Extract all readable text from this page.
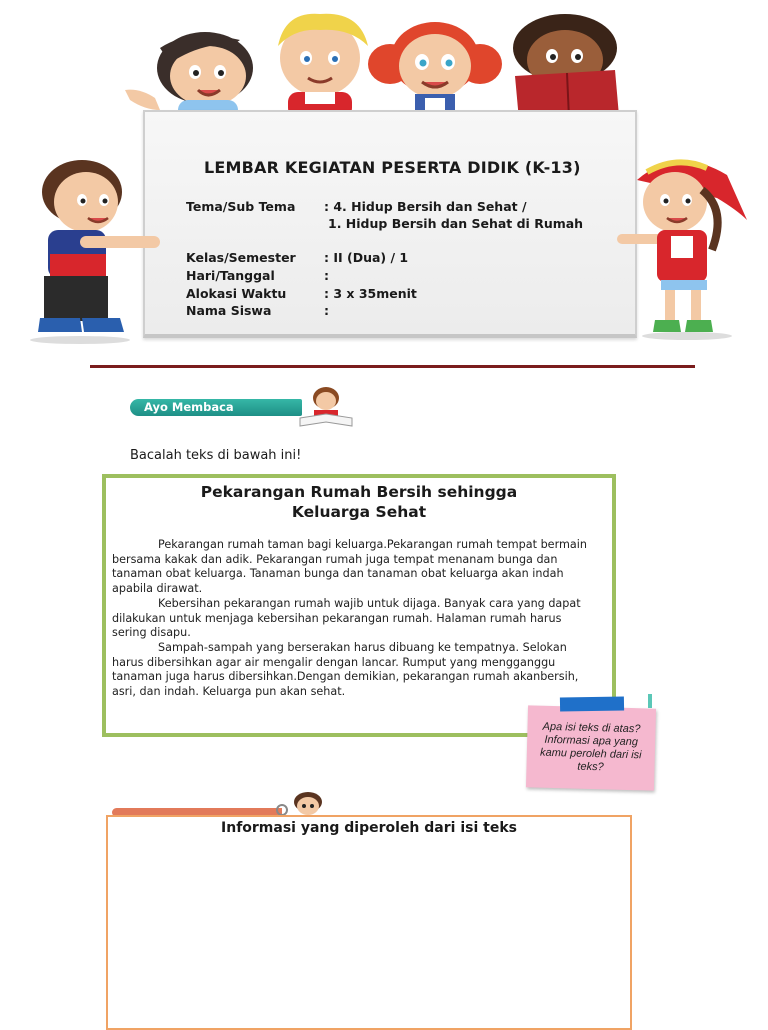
LEMBAR KEGIATAN PESERTA DIDIK (K-13)
Tema/Sub Tema : 4. Hidup Bersih dan Sehat /
1. Hidup Bersih dan Sehat di Rumah
Kelas/Semester : II (Dua) / 1
Hari/Tanggal	:
Alokasi Waktu	: 3 x 35menit
Nama Siswa	:
Ayo Membaca
Bacalah teks di bawah ini!
Pekarangan Rumah Bersih sehingga
Keluarga Sehat
Pekarangan rumah taman bagi keluarga.Pekarangan rumah tempat bermain bersama kakak dan adik. Pekarangan rumah juga tempat menanam bunga dan tanaman obat keluarga. Tanaman bunga dan tanaman obat keluarga akan indah apabila dirawat.
Kebersihan pekarangan rumah wajib untuk dijaga. Banyak cara yang dapat dilakukan untuk menjaga kebersihan pekarangan rumah. Halaman rumah harus sering disapu.
Sampah-sampah yang berserakan harus dibuang ke tempatnya. Selokan harus dibersihkan agar air mengalir dengan lancar. Rumput yang mengganggu tanaman juga harus dibersihkan.Dengan demikian, pekarangan rumah akanbersih, asri, dan indah. Keluarga pun akan sehat.
Apa isi teks di atas?
Informasi apa yang
kamu peroleh dari isi
teks?
Informasi yang diperoleh dari isi teks
